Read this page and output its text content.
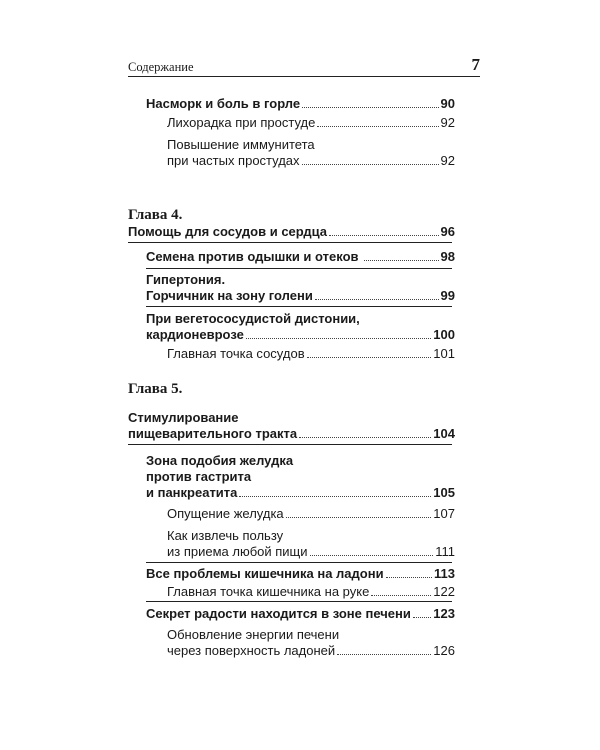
Содержание	7
Насморк и боль в горле	90
Лихорадка при простуде	92
Повышение иммунитета
при частых простудах	92
Глава 4.
Помощь для сосудов и сердца	96
Семена против одышки и отеков	98
Гипертония.
Горчичник на зону голени	99
При вегетососудистой дистонии,
кардионеврозе	100
Главная точка сосудов	101
Глава 5.
Стимулирование
пищеварительного тракта	104
Зона подобия желудка
против гастрита
и панкреатита	105
Опущение желудка	107
Как извлечь пользу
из приема любой пищи	111
Все проблемы кишечника на ладони	113
Главная точка кишечника на руке	122
Секрет радости находится в зоне печени 123
Обновление энергии печени
через поверхность ладоней	126
